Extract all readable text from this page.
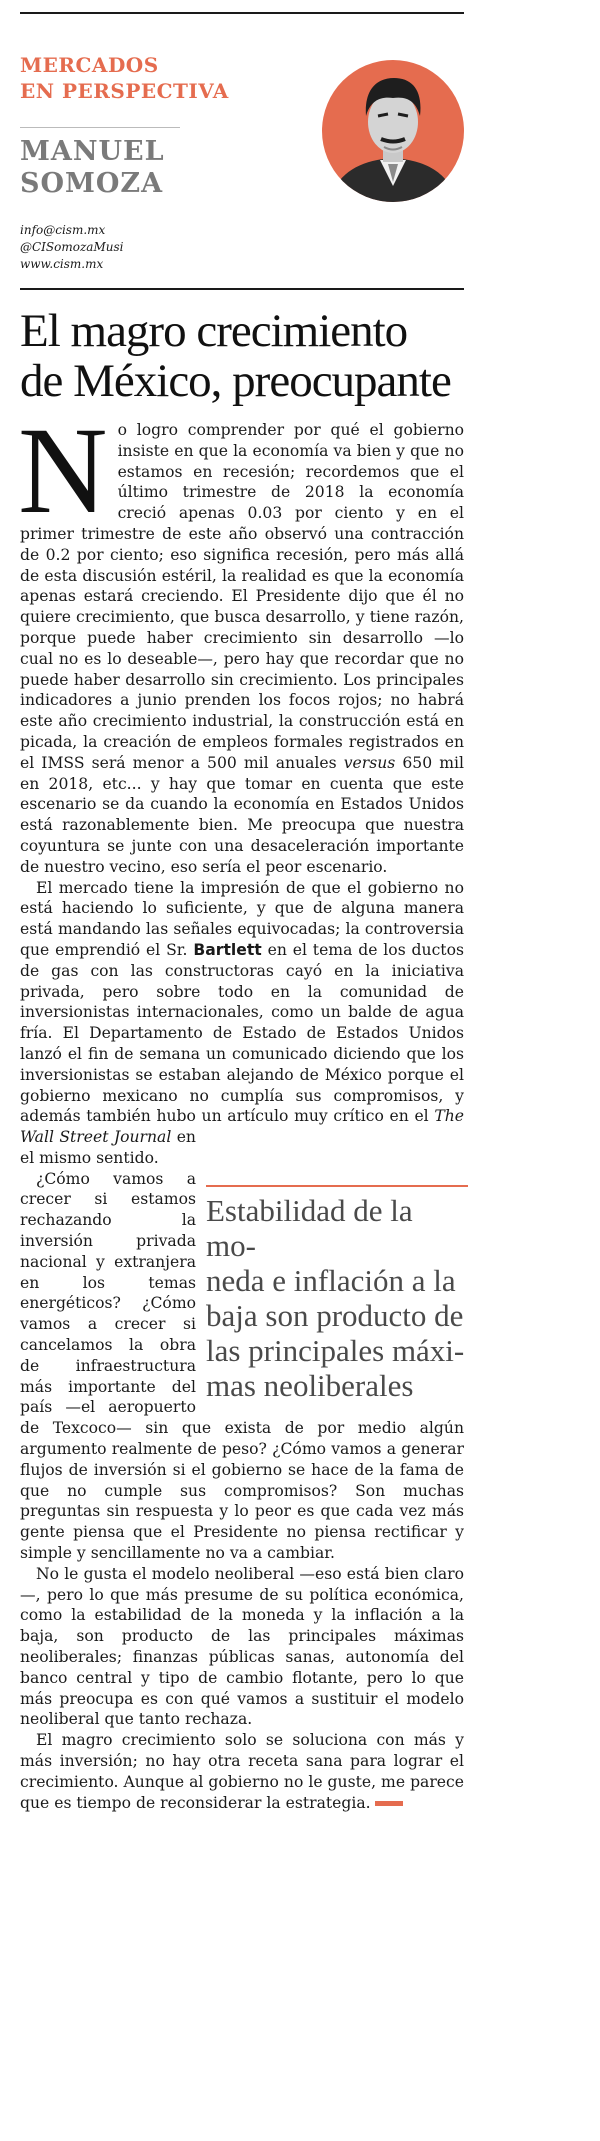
MERCADOS
EN PERSPECTIVA
MANUEL
SOMOZA
info@cism.mx
@CISomozaMusi
www.cism.mx
El magro crecimiento
de México, preocupante

No logro comprender por qué el gobierno insiste en que la economía va bien y que no estamos en recesión; recordemos que el último trimestre de 2018 la economía creció apenas 0.03 por ciento y en el primer trimestre de este año observó una contracción de 0.2 por ciento; eso significa recesión, pero más allá de esta discusión estéril, la realidad es que la economía apenas estará creciendo. El Presidente dijo que él no quiere crecimiento, que busca desarrollo, y tiene razón, porque puede haber crecimiento sin desarrollo —lo cual no es lo deseable—, pero hay que recordar que no puede haber desarrollo sin crecimiento. Los principales indicadores a junio prenden los focos rojos; no habrá este año crecimiento industrial, la construcción está en picada, la creación de empleos formales registrados en el IMSS será menor a 500 mil anuales versus 650 mil en 2018, etc... y hay que tomar en cuenta que este escenario se da cuando la economía en Estados Unidos está razonablemente bien. Me preocupa que nuestra coyuntura se junte con una desaceleración importante de nuestro vecino, eso sería el peor escenario.

El mercado tiene la impresión de que el gobierno no está haciendo lo suficiente, y que de alguna manera está mandando las señales equivocadas; la controversia que emprendió el Sr. Bartlett en el tema de los ductos de gas con las constructoras cayó en la iniciativa privada, pero sobre todo en la comunidad de inversionistas internacionales, como un balde de agua fría. El Departamento de Estado de Estados Unidos lanzó el fin de semana un comunicado diciendo que los inversionistas se estaban alejando de México porque el gobierno mexicano no cumplía sus compromisos, y además también hubo un artículo muy crítico en el
Estabilidad de la mo-
neda e inflación a la
baja son producto de
las principales máxi-
mas neoliberales
The Wall Street Journal en el mismo sentido.

¿Cómo vamos a crecer si estamos rechazando la inversión privada nacional y extranjera en los temas energéticos? ¿Cómo vamos a crecer si cancelamos la obra de infraestructura más importante del país —el aeropuerto de Texcoco— sin que exista de por medio algún argumento realmente de peso? ¿Cómo vamos a generar flujos de inversión si el gobierno se hace de la fama de que no cumple sus compromisos? Son muchas preguntas sin respuesta y lo peor es que cada vez más gente piensa que el Presidente no piensa rectificar y simple y sencillamente no va a cambiar.

No le gusta el modelo neoliberal —eso está bien claro—, pero lo que más presume de su política económica, como la estabilidad de la moneda y la inflación a la baja, son producto de las principales máximas neoliberales; finanzas públicas sanas, autonomía del banco central y tipo de cambio flotante, pero lo que más preocupa es con qué vamos a sustituir el modelo neoliberal que tanto rechaza.

El magro crecimiento solo se soluciona con más y más inversión; no hay otra receta sana para lograr el crecimiento. Aunque al gobierno no le guste, me parece que es tiempo de reconsiderar la estrategia.
